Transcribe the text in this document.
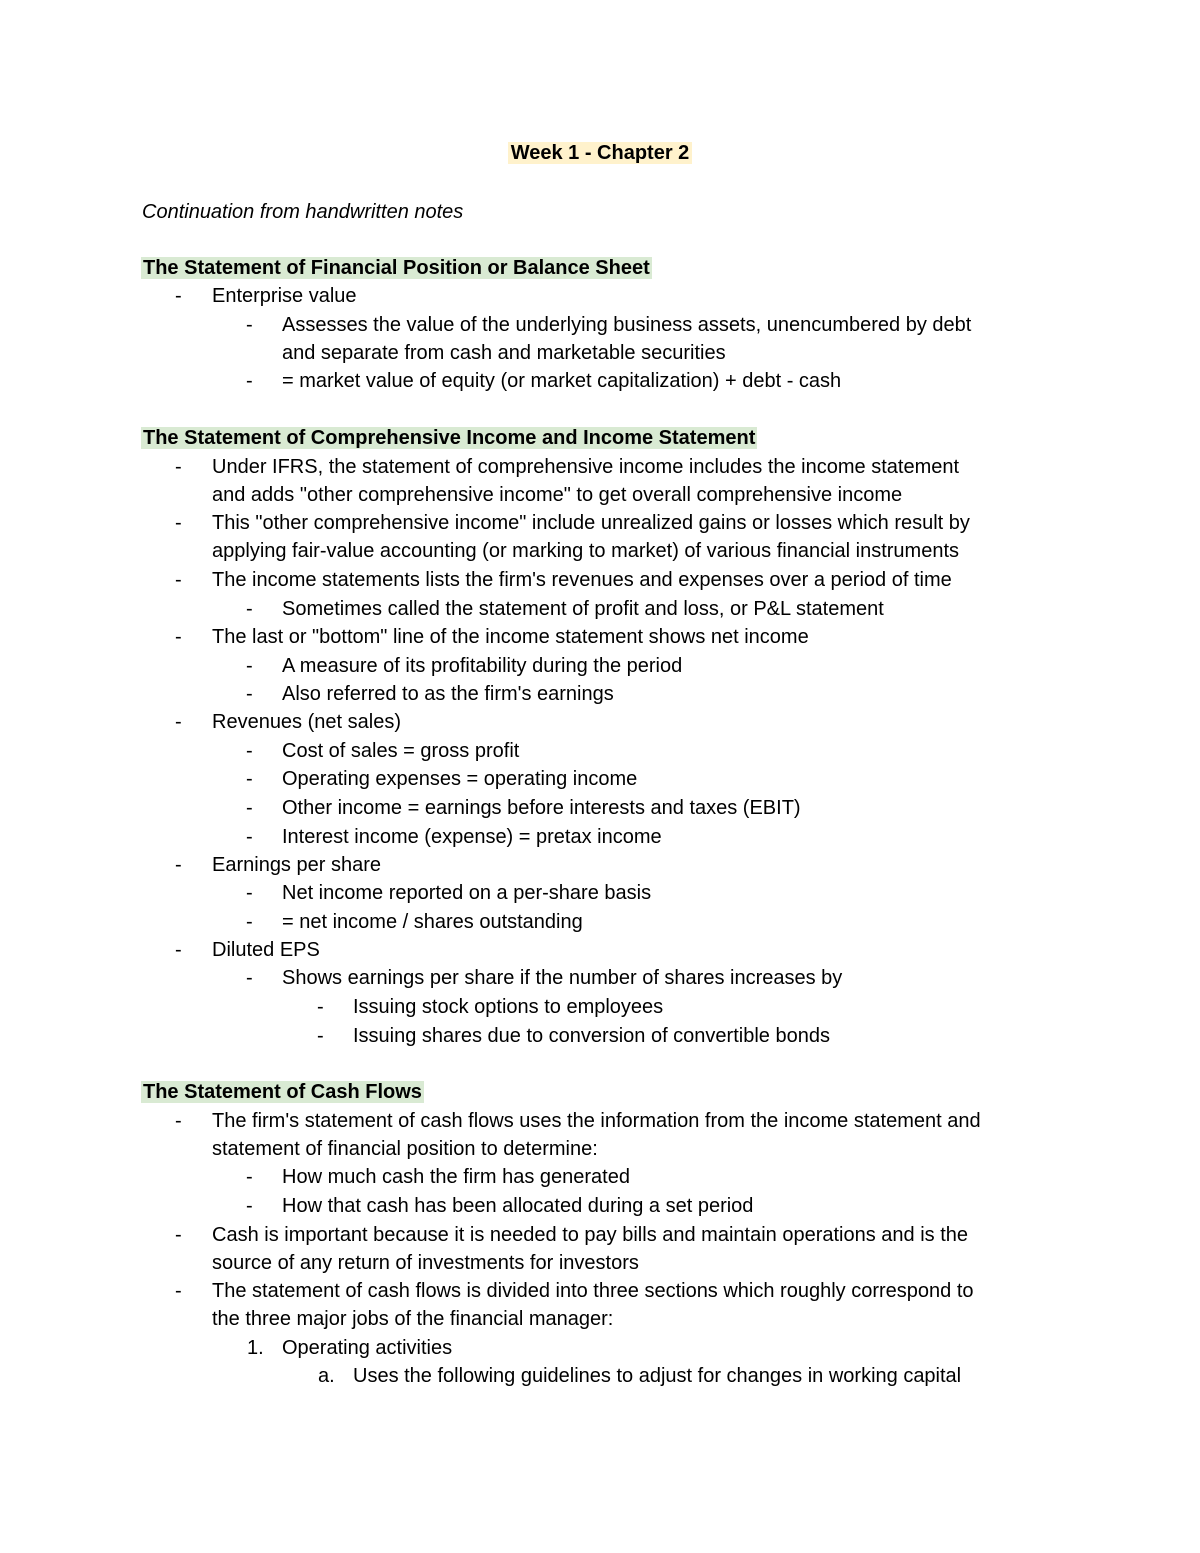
Week 1 - Chapter 2
Continuation from handwritten notes
The Statement of Financial Position or Balance Sheet
- Enterprise value
- Assesses the value of the underlying business assets, unencumbered by debt
and separate from cash and marketable securities
- = market value of equity (or market capitalization) + debt - cash
The Statement of Comprehensive Income and Income Statement
- Under IFRS, the statement of comprehensive income includes the income statement
and adds "other comprehensive income" to get overall comprehensive income
- This "other comprehensive income" include unrealized gains or losses which result by
applying fair-value accounting (or marking to market) of various financial instruments
- The income statements lists the firm's revenues and expenses over a period of time
- Sometimes called the statement of profit and loss, or P&L statement
- The last or "bottom" line of the income statement shows net income
- A measure of its profitability during the period
- Also referred to as the firm's earnings
- Revenues (net sales)
- Cost of sales = gross profit
- Operating expenses = operating income
- Other income = earnings before interests and taxes (EBIT)
- Interest income (expense) = pretax income
- Earnings per share
- Net income reported on a per-share basis
- = net income / shares outstanding
- Diluted EPS
- Shows earnings per share if the number of shares increases by
- Issuing stock options to employees
- Issuing shares due to conversion of convertible bonds
The Statement of Cash Flows
- The firm's statement of cash flows uses the information from the income statement and
statement of financial position to determine:
- How much cash the firm has generated
- How that cash has been allocated during a set period
- Cash is important because it is needed to pay bills and maintain operations and is the
source of any return of investments for investors
- The statement of cash flows is divided into three sections which roughly correspond to
the three major jobs of the financial manager:
1. Operating activities
a. Uses the following guidelines to adjust for changes in working capital
